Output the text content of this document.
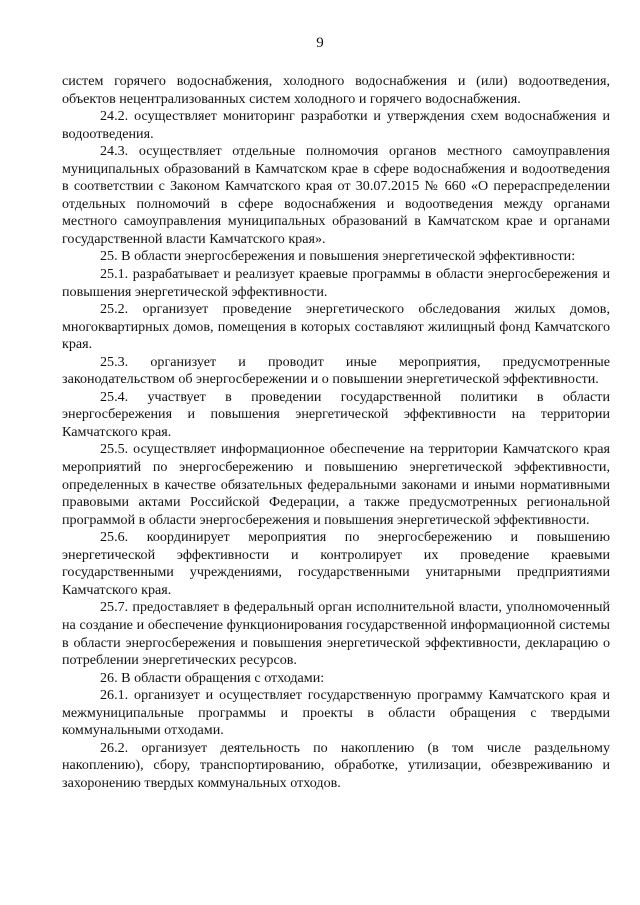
9

систем горячего водоснабжения, холодного водоснабжения и (или) водоотведения, объектов нецентрализованных систем холодного и горячего водоснабжения.

24.2. осуществляет мониторинг разработки и утверждения схем водоснабжения и водоотведения.

24.3. осуществляет отдельные полномочия органов местного самоуправления муниципальных образований в Камчатском крае в сфере водоснабжения и водоотведения в соответствии с Законом Камчатского края от 30.07.2015 № 660 «О перераспределении отдельных полномочий в сфере водоснабжения и водоотведения между органами местного самоуправления муниципальных образований в Камчатском крае и органами государственной власти Камчатского края».

25. В области энергосбережения и повышения энергетической эффективности:

25.1. разрабатывает и реализует краевые программы в области энергосбережения и повышения энергетической эффективности.

25.2. организует проведение энергетического обследования жилых домов, многоквартирных домов, помещения в которых составляют жилищный фонд Камчатского края.

25.3. организует и проводит иные мероприятия, предусмотренные законодательством об энергосбережении и о повышении энергетической эффективности.

25.4. участвует в проведении государственной политики в области энергосбережения и повышения энергетической эффективности на территории Камчатского края.

25.5. осуществляет информационное обеспечение на территории Камчатского края мероприятий по энергосбережению и повышению энергетической эффективности, определенных в качестве обязательных федеральными законами и иными нормативными правовыми актами Российской Федерации, а также предусмотренных региональной программой в области энергосбережения и повышения энергетической эффективности.

25.6. координирует мероприятия по энергосбережению и повышению энергетической эффективности и контролирует их проведение краевыми государственными учреждениями, государственными унитарными предприятиями Камчатского края.

25.7. предоставляет в федеральный орган исполнительной власти, уполномоченный на создание и обеспечение функционирования государственной информационной системы в области энергосбережения и повышения энергетической эффективности, декларацию о потреблении энергетических ресурсов.

26. В области обращения с отходами:

26.1. организует и осуществляет государственную программу Камчатского края и межмуниципальные программы и проекты в области обращения с твердыми коммунальными отходами.

26.2. организует деятельность по накоплению (в том числе раздельному накоплению), сбору, транспортированию, обработке, утилизации, обезвреживанию и захоронению твердых коммунальных отходов.
